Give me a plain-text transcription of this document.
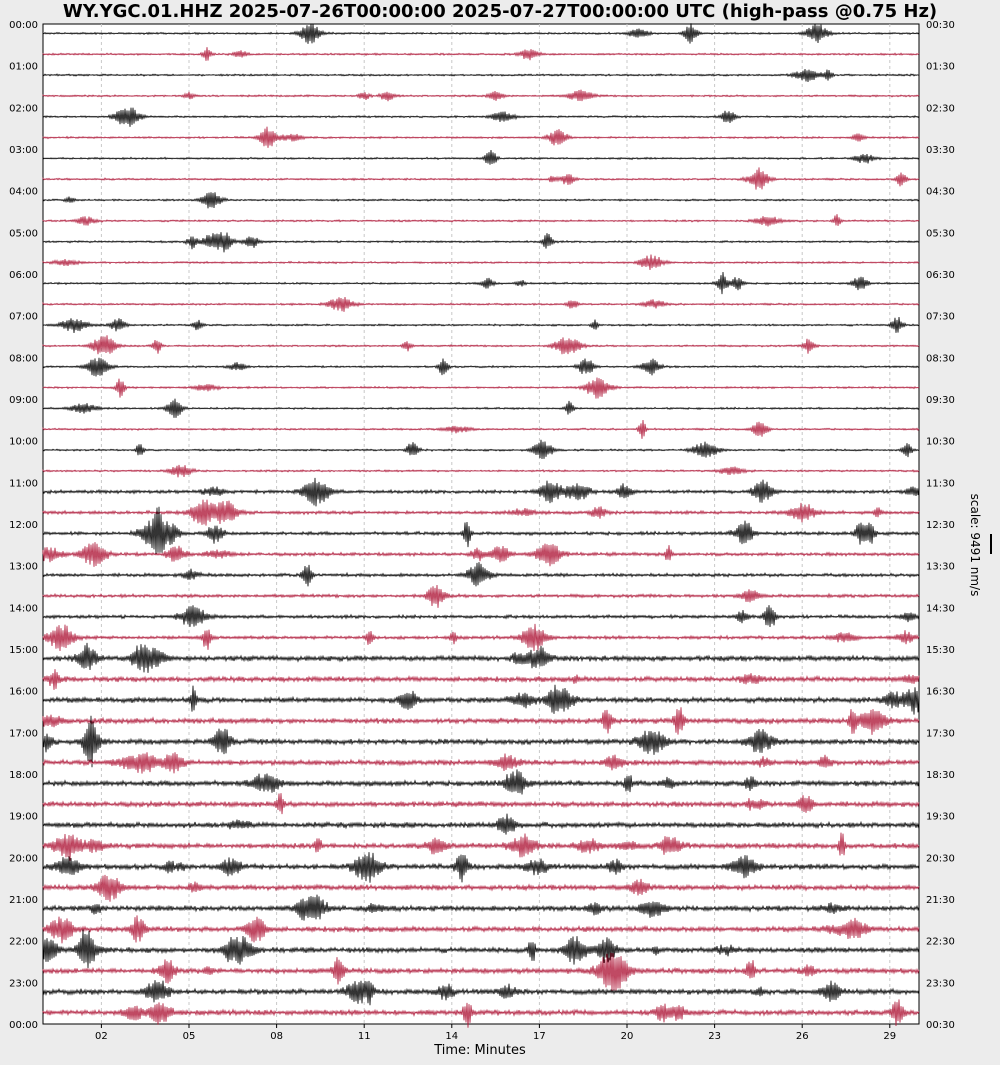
WY.YGC.01.HHZ 2025-07-26T00:00:00 2025-07-27T00:00:00 UTC (high-pass @0.75 Hz)
00:00
01:00
02:00
03:00
04:00
05:00
06:00
07:00
08:00
09:00
10:00
11:00
12:00
13:00
14:00
15:00
16:00
17:00
18:00
19:00
20:00
21:00
22:00
23:00
00:00
00:30
01:30
02:30
03:30
04:30
05:30
06:30
07:30
08:30
09:30
10:30
11:30
12:30
13:30
14:30
15:30
16:30
17:30
18:30
19:30
20:30
21:30
22:30
23:30
00:30
02	05	08	11	14	17	20	23	26	29
scale: 9491 nm/s
Time: Minutes
